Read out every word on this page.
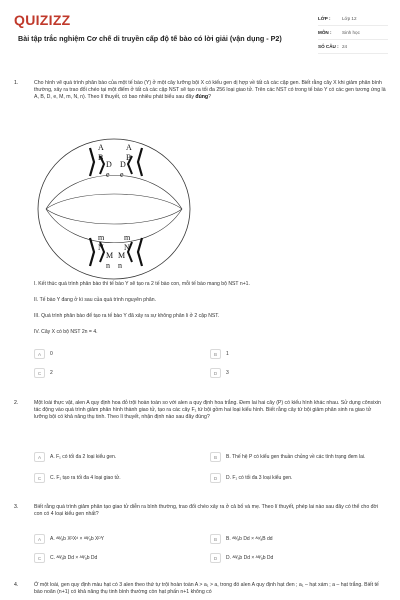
QUIZIZZ
Bài tập trắc nghiệm Cơ chế di truyền cấp độ tế bào có lời giải (vận dụng - P2)
LỚP :	Lớp 12
MÔN :	Sinh học
SỐ CÂU : 24
1.	Cho hình vẽ quá trình phân bào của một tế bào (Y) ở một cây lưỡng bội X có kiểu gen dị hợp về tất cả các cặp gen. Biết rằng cây X khi giảm phân bình thường, xảy ra trao đổi chéo tại một điểm ở tất cả các cặp NST sẽ tạo ra tối đa 256 loại giao tử. Trên các NST có trong tế bào Y có các gen tương ứng là A, B, D, e, M, m, N, n). Theo lí thuyết, có bao nhiêu phát biểu sau đây đúng?
A
B
D
e
A
B
D
e
m
N
M
n
m
N
M
n
I. Kết thúc quá trình phân bào thì tế bào Y sẽ tạo ra 2 tế bào con, mỗi tế bào mang bộ NST n+1.
II. Tế bào Y đang ở kì sau của quá trình nguyên phân.
III. Quá trình phân bào để tạo ra tế bào Y đã xảy ra sự không phân li ở 2 cặp NST.
IV. Cây X có bộ NST 2n = 4.
A	0	B	1
C	2	D	3
2.	Một loài thực vật, alen A quy định hoa đỏ trội hoàn toàn so với alen a quy định hoa trắng. Đem lai hai cây (P) có kiểu hình khác nhau. Sử dụng cônsixin tác động vào quá trình giảm phân hình thành giao tử, tạo ra các cây F₁ tứ bội gồm hai loại kiểu hình. Biết rằng cây tứ bội giảm phân sinh ra giao tử lưỡng bội có khả năng thụ tinh. Theo lí thuyết, nhận định nào sau đây đúng?
A	A. F₁ có tối đa 2 loại kiểu gen.	B	B. Thế hệ P có kiểu gen thuần chủng về các tính trạng đem lai.
C	C. F₁ tạo ra tối đa 4 loại giao tử.	D	D. F₁ có tối đa 3 loại kiểu gen.
3.	Biết rằng quá trình giảm phân tạo giao tử diễn ra bình thường, trao đổi chéo xảy ra ở cả bố và mẹ. Theo lí thuyết, phép lai nào sau đây có thể cho đời con có 4 loại kiểu gen nhất?
A	A. ᴬᴮ⁄ₐb XᴰXᵈ × ᴬᴮ⁄ₐb XᴰY	B	B. ᴬᴮ⁄ₐb Dd × ᴬᵇ⁄ₐB dd
C	C. ᴬᴮ⁄ₐb Dd × ᴬᴮ⁄ₐb Dd	D	D. ᴬᴮ⁄ₐb Dd × ᴬᴮ⁄ₐb Dd
4.	Ở một loài, gen quy định màu hạt có 3 alen theo thứ tự trội hoàn toàn A > a₁ > a, trong đó alen A quy định hạt đen ; a₁ – hạt xám ; a – hạt trắng. Biết tế bào noãn (n+1) có khả năng thụ tinh bình thường còn hạt phấn n+1 không có
